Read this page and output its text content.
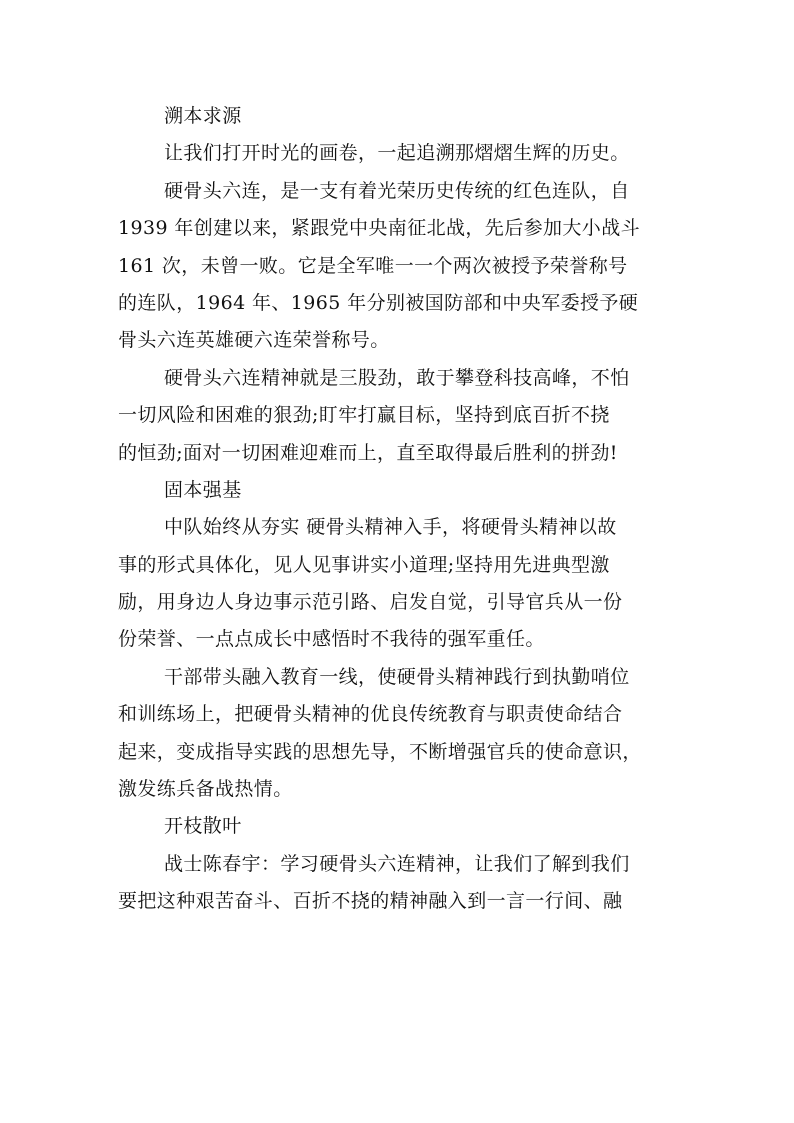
溯本求源
让我们打开时光的画卷，一起追溯那熠熠生辉的历史。
硬骨头六连，是一支有着光荣历史传统的红色连队，自
1939 年创建以来，紧跟党中央南征北战，先后参加大小战斗
161 次，未曾一败。它是全军唯一一个两次被授予荣誉称号
的连队，1964 年、1965 年分别被国防部和中央军委授予硬
骨头六连英雄硬六连荣誉称号。
硬骨头六连精神就是三股劲，敢于攀登科技高峰，不怕
一切风险和困难的狠劲;盯牢打赢目标，坚持到底百折不挠
的恒劲;面对一切困难迎难而上，直至取得最后胜利的拼劲!
固本强基
中队始终从夯实 硬骨头精神入手，将硬骨头精神以故
事的形式具体化，见人见事讲实小道理;坚持用先进典型激
励，用身边人身边事示范引路、启发自觉，引导官兵从一份
份荣誉、一点点成长中感悟时不我待的强军重任。
干部带头融入教育一线，使硬骨头精神践行到执勤哨位
和训练场上，把硬骨头精神的优良传统教育与职责使命结合
起来，变成指导实践的思想先导，不断增强官兵的使命意识，
激发练兵备战热情。
开枝散叶
战士陈春宇：学习硬骨头六连精神，让我们了解到我们
要把这种艰苦奋斗、百折不挠的精神融入到一言一行间、融
